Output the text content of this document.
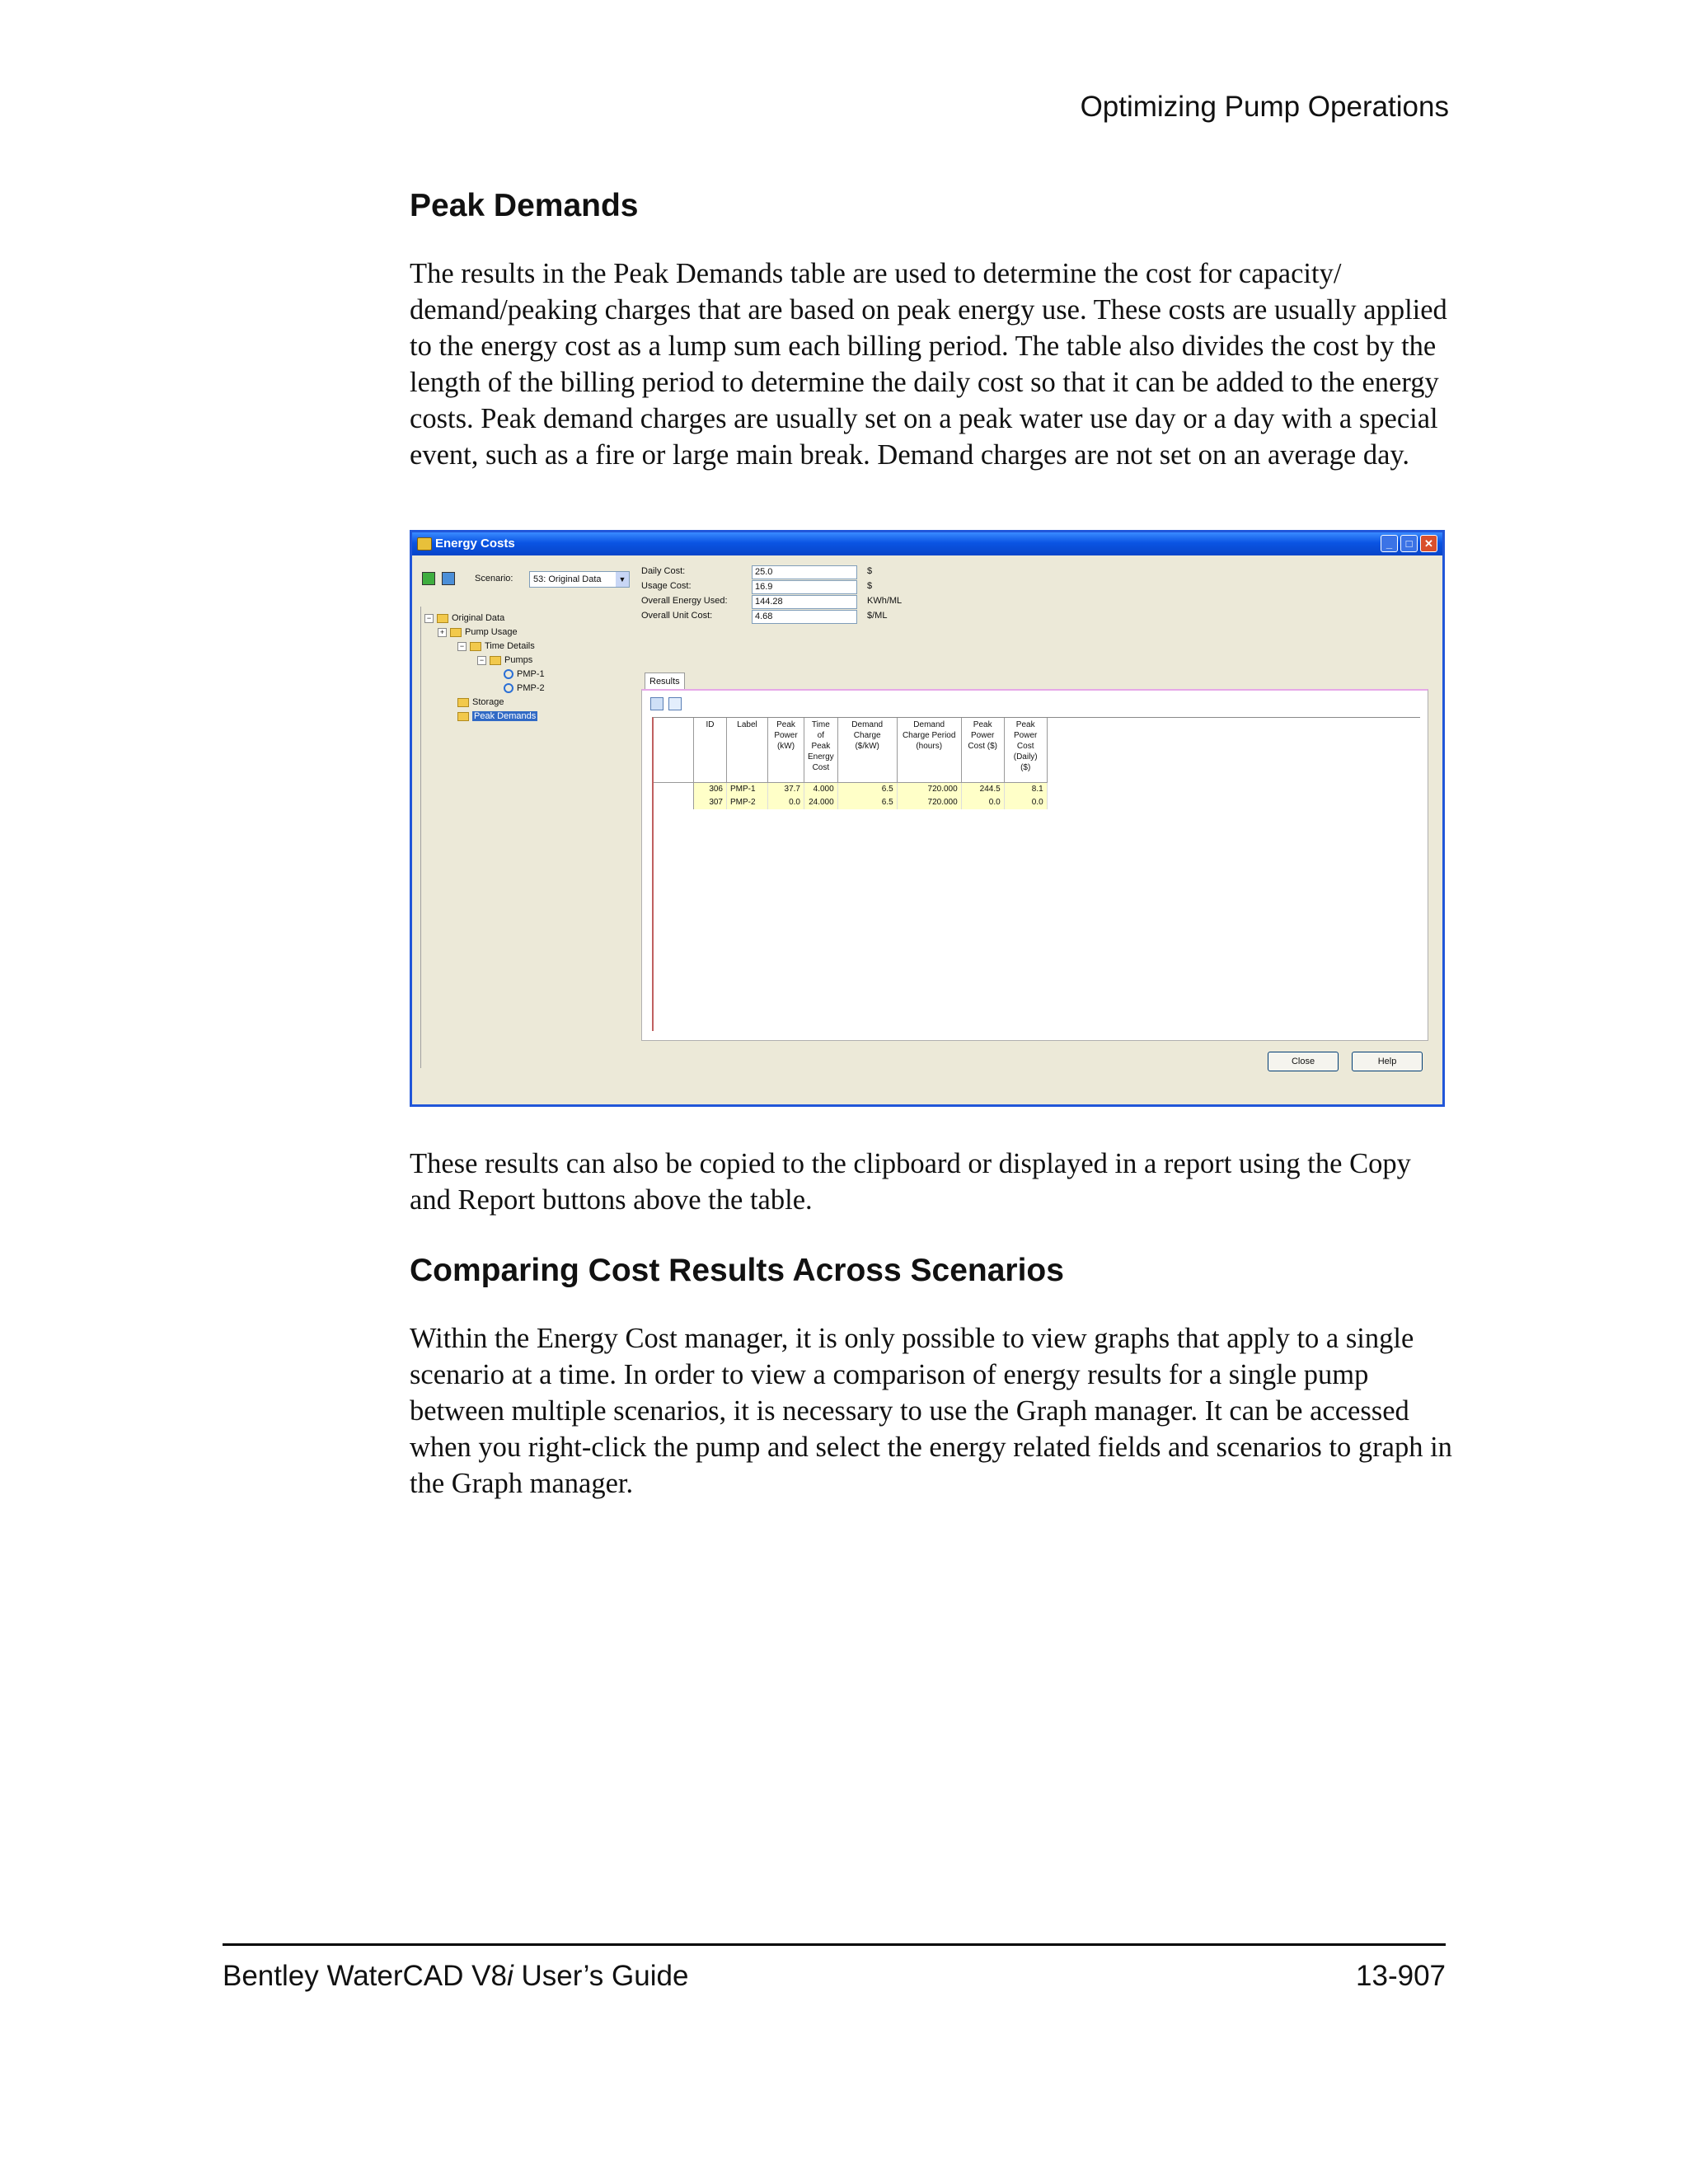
Optimizing Pump Operations
Peak Demands
The results in the Peak Demands table are used to determine the cost for capacity/ demand/peaking charges that are based on peak energy use. These costs are usually applied to the energy cost as a lump sum each billing period. The table also divides the cost by the length of the billing period to determine the daily cost so that it can be added to the energy costs. Peak demand charges are usually set on a peak water use day or a day with a special event, such as a fire or large main break. Demand charges are not set on an average day.
Energy Costs	_	□	✕
Scenario:	53: Original Data	▼
− Original Data
+ Pump Usage
− Time Details
− Pumps
PMP-1
PMP-2
Storage
Peak Demands
Results
	ID	Label	Peak Power (kW)	Time of Peak Energy Cost	Demand Charge ($/kW)	Demand Charge Period (hours)	Peak Power Cost ($)	Peak Power Cost (Daily) ($)
	306	PMP-1	37.7	4.000	6.5	720.000	244.5	8.1
	307	PMP-2	0.0	24.000	6.5	720.000	0.0	0.0
Close	Help
Daily Cost:	25.0	$
Usage Cost:	16.9	$
Overall Energy Used:	144.28	KWh/ML
Overall Unit Cost:	4.68	$/ML
These results can also be copied to the clipboard or displayed in a report using the Copy and Report buttons above the table.
Comparing Cost Results Across Scenarios
Within the Energy Cost manager, it is only possible to view graphs that apply to a single scenario at a time. In order to view a comparison of energy results for a single pump between multiple scenarios, it is necessary to use the Graph manager. It can be accessed when you right-click the pump and select the energy related fields and scenarios to graph in the Graph manager.
Bentley WaterCAD V8i User’s Guide	13-907
